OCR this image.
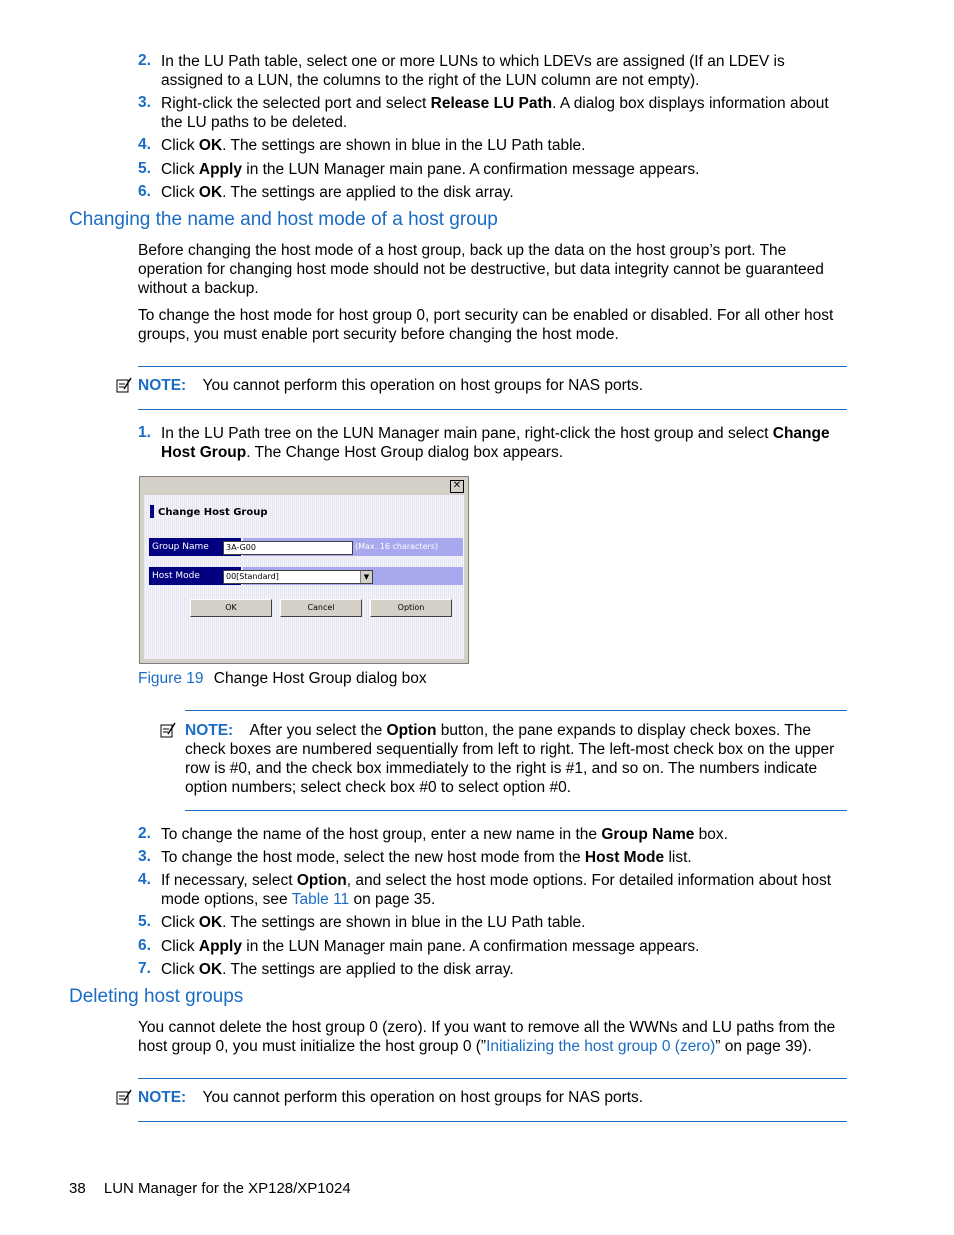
2. In the LU Path table, select one or more LUNs to which LDEVs are assigned (If an LDEV is assigned to a LUN, the columns to the right of the LUN column are not empty).
3. Right-click the selected port and select Release LU Path. A dialog box displays information about the LU paths to be deleted.
4. Click OK. The settings are shown in blue in the LU Path table.
5. Click Apply in the LUN Manager main pane. A confirmation message appears.
6. Click OK. The settings are applied to the disk array.
Changing the name and host mode of a host group
Before changing the host mode of a host group, back up the data on the host group’s port. The operation for changing host mode should not be destructive, but data integrity cannot be guaranteed without a backup.
To change the host mode for host group 0, port security can be enabled or disabled. For all other host groups, you must enable port security before changing the host mode.
NOTE: You cannot perform this operation on host groups for NAS ports.
1. In the LU Path tree on the LUN Manager main pane, right-click the host group and select Change Host Group. The Change Host Group dialog box appears.
✕
Change Host Group
Group Name	3A-G00	(Max. 16 characters)
Host Mode	00[Standard]	▼
OK	Cancel	Option
Figure 19 Change Host Group dialog box
NOTE: After you select the Option button, the pane expands to display check boxes. The check boxes are numbered sequentially from left to right. The left-most check box on the upper row is #0, and the check box immediately to the right is #1, and so on. The numbers indicate option numbers; select check box #0 to select option #0.
2. To change the name of the host group, enter a new name in the Group Name box.
3. To change the host mode, select the new host mode from the Host Mode list.
4. If necessary, select Option, and select the host mode options. For detailed information about host mode options, see Table 11 on page 35.
5. Click OK. The settings are shown in blue in the LU Path table.
6. Click Apply in the LUN Manager main pane. A confirmation message appears.
7. Click OK. The settings are applied to the disk array.
Deleting host groups
You cannot delete the host group 0 (zero). If you want to remove all the WWNs and LU paths from the host group 0, you must initialize the host group 0 (”Initializing the host group 0 (zero)” on page 39).
NOTE: You cannot perform this operation on host groups for NAS ports.
38 LUN Manager for the XP128/XP1024
